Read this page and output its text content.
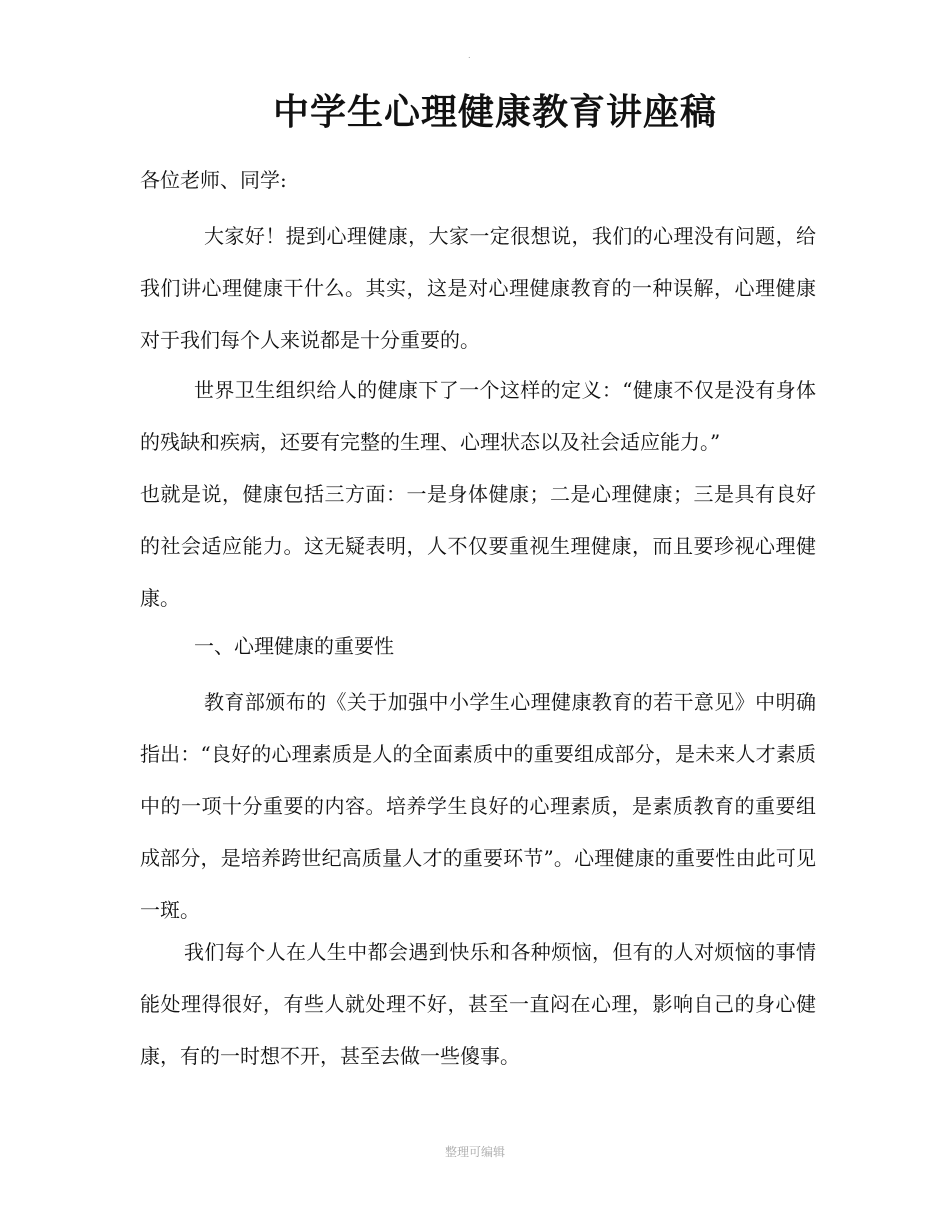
.
中学生心理健康教育讲座稿

各位老师、同学:

大家好！提到心理健康，大家一定很想说，我们的心理没有问题，给我们讲心理健康干什么。其实，这是对心理健康教育的一种误解，心理健康对于我们每个人来说都是十分重要的。

世界卫生组织给人的健康下了一个这样的定义：“健康不仅是没有身体的残缺和疾病，还要有完整的生理、心理状态以及社会适应能力。”

也就是说，健康包括三方面：一是身体健康；二是心理健康；三是具有良好的社会适应能力。这无疑表明，人不仅要重视生理健康，而且要珍视心理健康。

一、心理健康的重要性

教育部颁布的《关于加强中小学生心理健康教育的若干意见》中明确指出：“良好的心理素质是人的全面素质中的重要组成部分，是未来人才素质中的一项十分重要的内容。培养学生良好的心理素质，是素质教育的重要组成部分，是培养跨世纪高质量人才的重要环节”。心理健康的重要性由此可见一斑。

我们每个人在人生中都会遇到快乐和各种烦恼，但有的人对烦恼的事情能处理得很好，有些人就处理不好，甚至一直闷在心理，影响自己的身心健康，有的一时想不开，甚至去做一些傻事。

整理可编辑
